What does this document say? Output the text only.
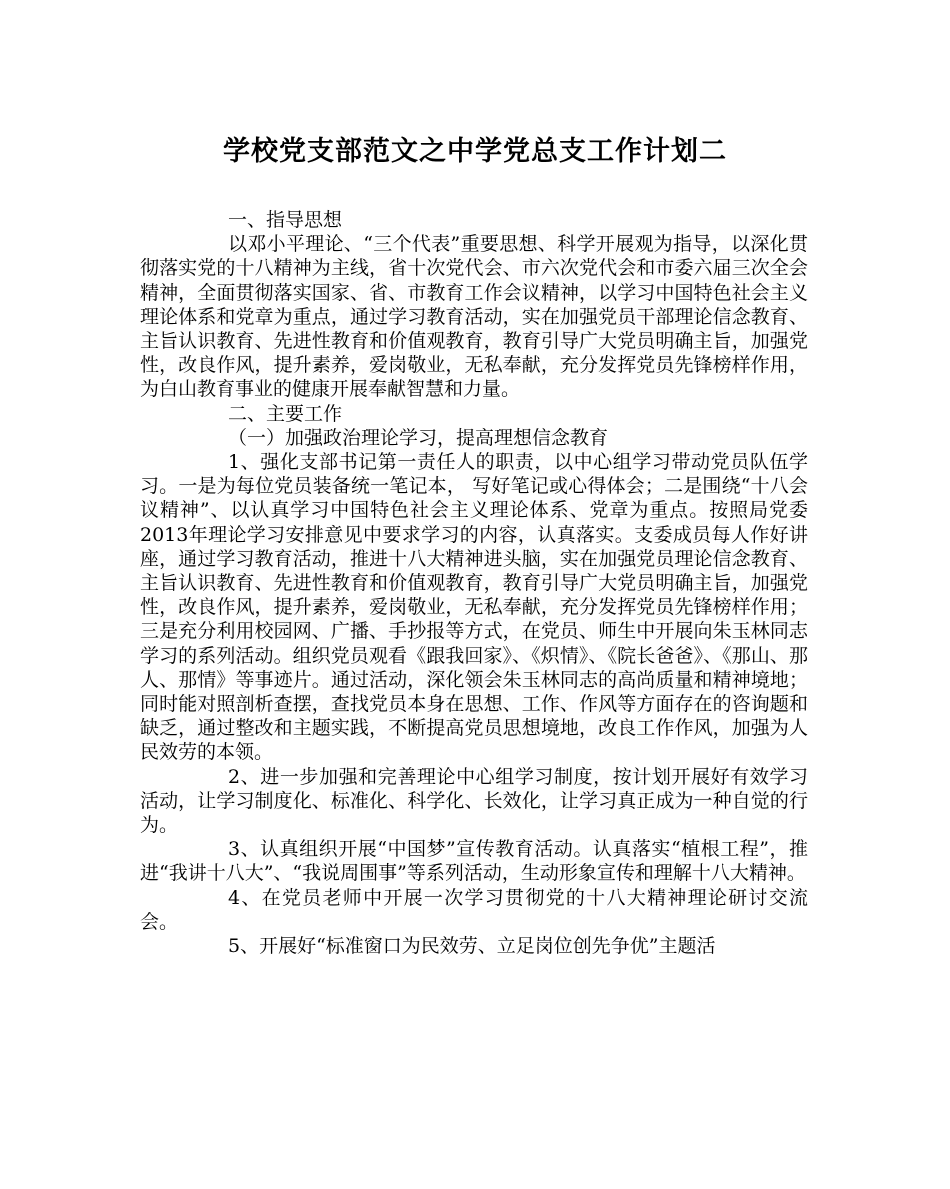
学校党支部范文之中学党总支工作计划二

一、指导思想

以邓小平理论、“三个代表”重要思想、科学开展观为指导，以深化贯彻落实党的十八精神为主线，省十次党代会、市六次党代会和市委六届三次全会精神，全面贯彻落实国家、省、市教育工作会议精神，以学习中国特色社会主义理论体系和党章为重点，通过学习教育活动，实在加强党员干部理论信念教育、主旨认识教育、先进性教育和价值观教育，教育引导广大党员明确主旨，加强党性，改良作风，提升素养，爱岗敬业，无私奉献，充分发挥党员先锋榜样作用，为白山教育事业的健康开展奉献智慧和力量。

二、主要工作

（一）加强政治理论学习，提高理想信念教育

1、强化支部书记第一责任人的职责，以中心组学习带动党员队伍学习。一是为每位党员装备统一笔记本， 写好笔记或心得体会；二是围绕“十八会议精神”、以认真学习中国特色社会主义理论体系、党章为重点。按照局党委2013年理论学习安排意见中要求学习的内容，认真落实。支委成员每人作好讲座，通过学习教育活动，推进十八大精神进头脑，实在加强党员理论信念教育、主旨认识教育、先进性教育和价值观教育，教育引导广大党员明确主旨，加强党性，改良作风，提升素养，爱岗敬业，无私奉献，充分发挥党员先锋榜样作用；三是充分利用校园网、广播、手抄报等方式，在党员、师生中开展向朱玉林同志学习的系列活动。组织党员观看《跟我回家》、《炽情》、《院长爸爸》、《那山、那人、那情》等事迹片。通过活动，深化领会朱玉林同志的高尚质量和精神境地；同时能对照剖析查摆，查找党员本身在思想、工作、作风等方面存在的咨询题和缺乏，通过整改和主题实践，不断提高党员思想境地，改良工作作风，加强为人民效劳的本领。

2、进一步加强和完善理论中心组学习制度，按计划开展好有效学习活动，让学习制度化、标准化、科学化、长效化，让学习真正成为一种自觉的行为。

3、认真组织开展“中国梦”宣传教育活动。认真落实“植根工程”，推进“我讲十八大”、“我说周围事”等系列活动，生动形象宣传和理解十八大精神。

4、在党员老师中开展一次学习贯彻党的十八大精神理论研讨交流会。

5、开展好“标准窗口为民效劳、立足岗位创先争优”主题活
